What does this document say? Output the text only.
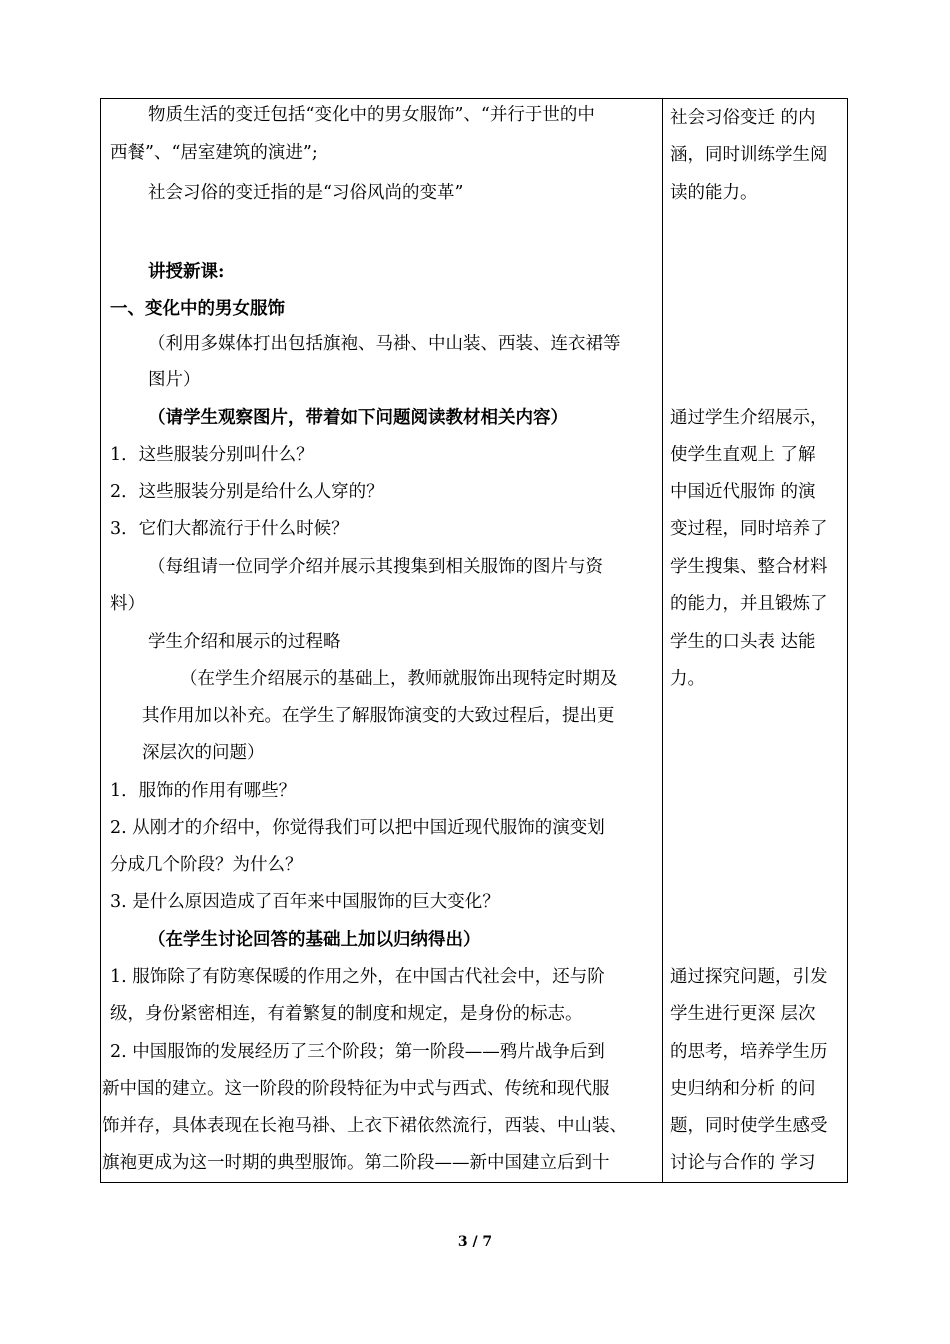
物质生活的变迁包括“变化中的男女服饰”、“并行于世的中
西餐”、“居室建筑的演进”;
社会习俗的变迁指的是“习俗风尚的变革”
讲授新课:
一、变化中的男女服饰
（利用多媒体打出包括旗袍、马褂、中山装、西装、连衣裙等
图片）
（请学生观察图片，带着如下问题阅读教材相关内容）
1．这些服装分别叫什么？
2．这些服装分别是给什么人穿的？
3．它们大都流行于什么时候？
（每组请一位同学介绍并展示其搜集到相关服饰的图片与资
料）
学生介绍和展示的过程略
（在学生介绍展示的基础上，教师就服饰出现特定时期及
其作用加以补充。在学生了解服饰演变的大致过程后，提出更
深层次的问题）
1．服饰的作用有哪些？
2. 从刚才的介绍中，你觉得我们可以把中国近现代服饰的演变划
分成几个阶段？为什么？
3. 是什么原因造成了百年来中国服饰的巨大变化？
（在学生讨论回答的基础上加以归纳得出）
1. 服饰除了有防寒保暖的作用之外，在中国古代社会中，还与阶
级，身份紧密相连，有着繁复的制度和规定，是身份的标志。
2. 中国服饰的发展经历了三个阶段；第一阶段——鸦片战争后到
新中国的建立。这一阶段的阶段特征为中式与西式、传统和现代服
饰并存，具体表现在长袍马褂、上衣下裙依然流行，西装、中山装、
旗袍更成为这一时期的典型服饰。第二阶段——新中国建立后到十
社会习俗变迁 的内
涵，同时训练学生阅
读的能力。
通过学生介绍展示，
使学生直观上 了解
中国近代服饰 的演
变过程，同时培养了
学生搜集、整合材料
的能力，并且锻炼了
学生的口头表 达能
力。
通过探究问题，引发
学生进行更深 层次
的思考，培养学生历
史归纳和分析 的问
题，同时使学生感受
讨论与合作的 学习
3 / 7
